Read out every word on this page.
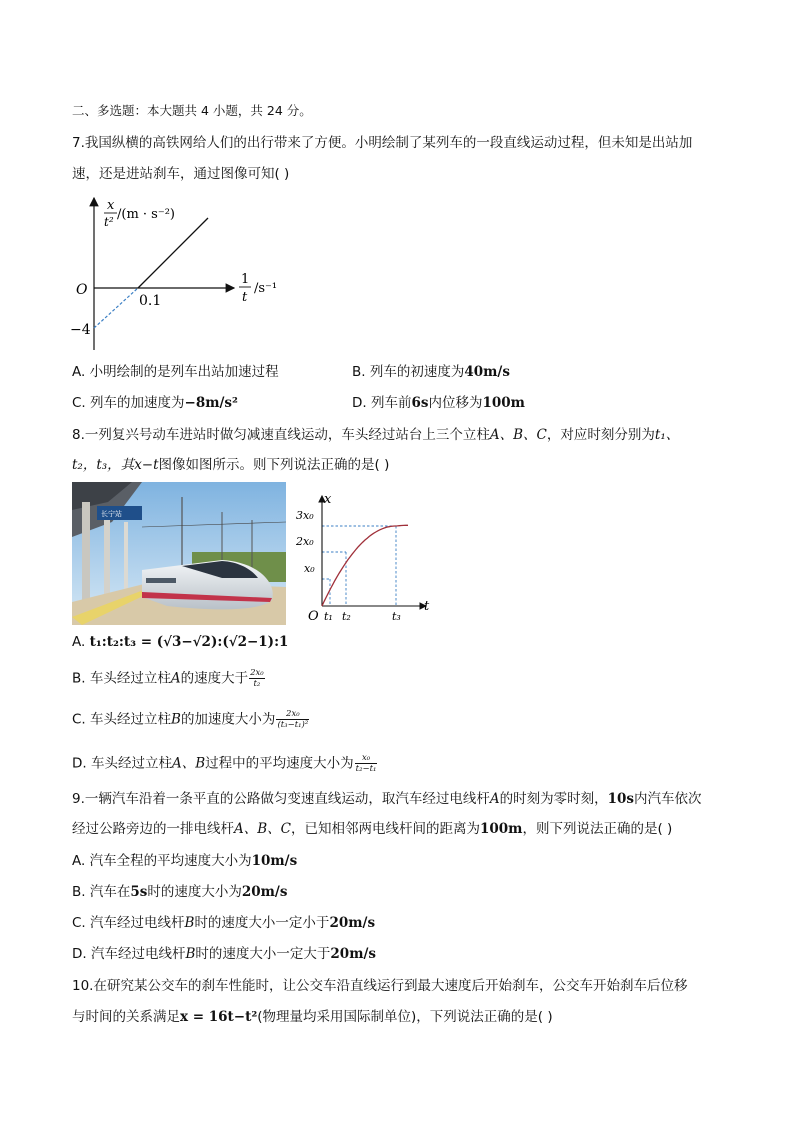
二、多选题：本大题共 4 小题，共 24 分。
7.我国纵横的高铁网给人们的出行带来了方便。小明绘制了某列车的一段直线运动过程，但未知是出站加
速，还是进站刹车，通过图像可知( )
x
t² /(m · s⁻²)
1
t
/s⁻¹
O
0.1
−4
A. 小明绘制的是列车出站加速过程	B. 列车的初速度为40m/s
C. 列车的加速度为−8m/s²	D. 列车前6s内位移为100m
8.一列复兴号动车进站时做匀减速直线运动，车头经过站台上三个立柱A、B、C，对应时刻分别为t₁、
t₂，t₃，其x−t图像如图所示。则下列说法正确的是( )
长宁站
x
t
O
x₀
2x₀
3x₀
t₁ t₂	t₃
A. t₁:t₂:t₃ = (√3−√2):(√2−1):1
B. 车头经过立柱A的速度大于 $\frac{\text{2x₀}}{\text{t₂}}$
C. 车头经过立柱B的加速度大小为 $\frac{\text{2x₀}}{\text{(t₃−t₁)²}}$
D. 车头经过立柱A、B过程中的平均速度大小为 $\frac{\text{x₀}}{\text{t₂−t₁}}$
9.一辆汽车沿着一条平直的公路做匀变速直线运动，取汽车经过电线杆A的时刻为零时刻，10s内汽车依次
经过公路旁边的一排电线杆A、B、C，已知相邻两电线杆间的距离为100m，则下列说法正确的是( )
A. 汽车全程的平均速度大小为10m/s
B. 汽车在5s时的速度大小为20m/s
C. 汽车经过电线杆B时的速度大小一定小于20m/s
D. 汽车经过电线杆B时的速度大小一定大于20m/s
10.在研究某公交车的刹车性能时，让公交车沿直线运行到最大速度后开始刹车，公交车开始刹车后位移
与时间的关系满足x = 16t−t²(物理量均采用国际制单位)，下列说法正确的是( )
